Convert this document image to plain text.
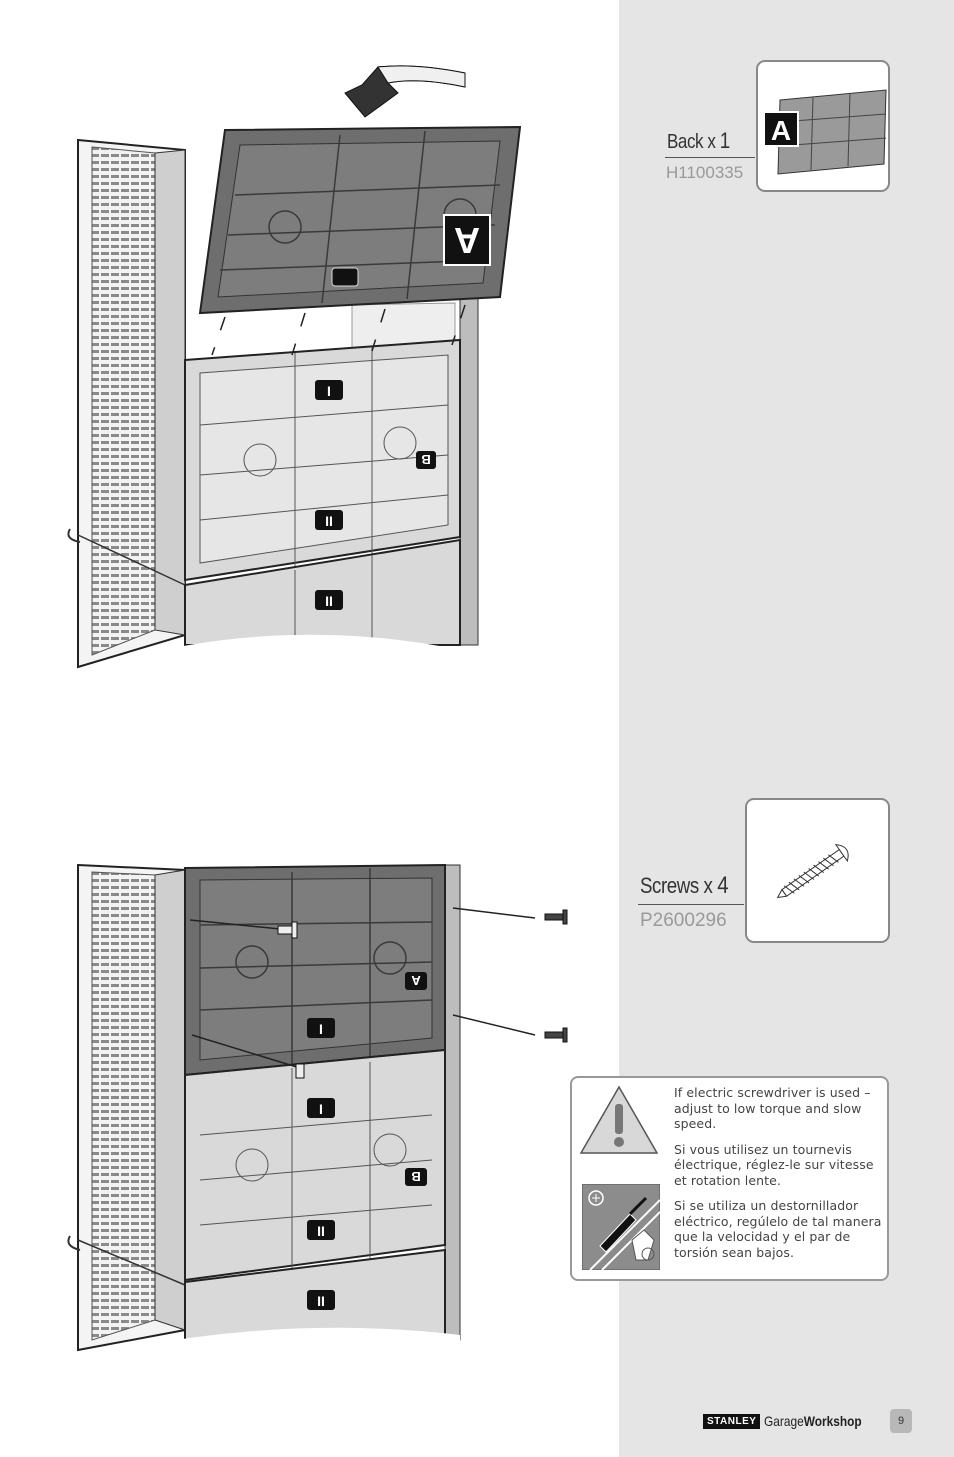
I
II
B
II
A
A
I
I
B
II
II
Back x 1
H1100335
A
Screws x 4
P2600296

If electric screwdriver is used – adjust to low torque and slow speed.

Si vous utilisez un tournevis électrique, réglez-le sur vitesse et rotation lente.

Si se utiliza un destornillador eléctrico, regúlelo de tal manera que la velocidad y el par de torsión sean bajos.

STANLEY GarageWorkshop	9
